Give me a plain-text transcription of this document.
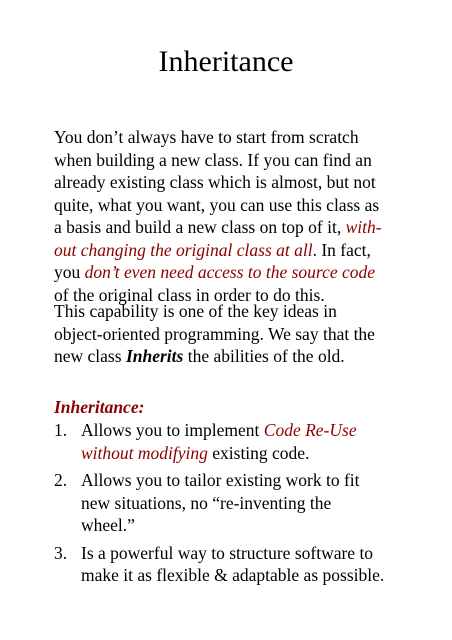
Inheritance
You don’t always have to start from scratch
when building a new class. If you can find an
already existing class which is almost, but not
quite, what you want, you can use this class as
a basis and build a new class on top of it, with-
out changing the original class at all. In fact,
you don’t even need access to the source code
of the original class in order to do this.
This capability is one of the key ideas in
object-oriented programming. We say that the
new class Inherits the abilities of the old.
Inheritance:
1. Allows you to implement Code Re-Use
without modifying existing code.
2. Allows you to tailor existing work to fit
new situations, no “re-inventing the
wheel.”
3. Is a powerful way to structure software to
make it as flexible & adaptable as possible.
